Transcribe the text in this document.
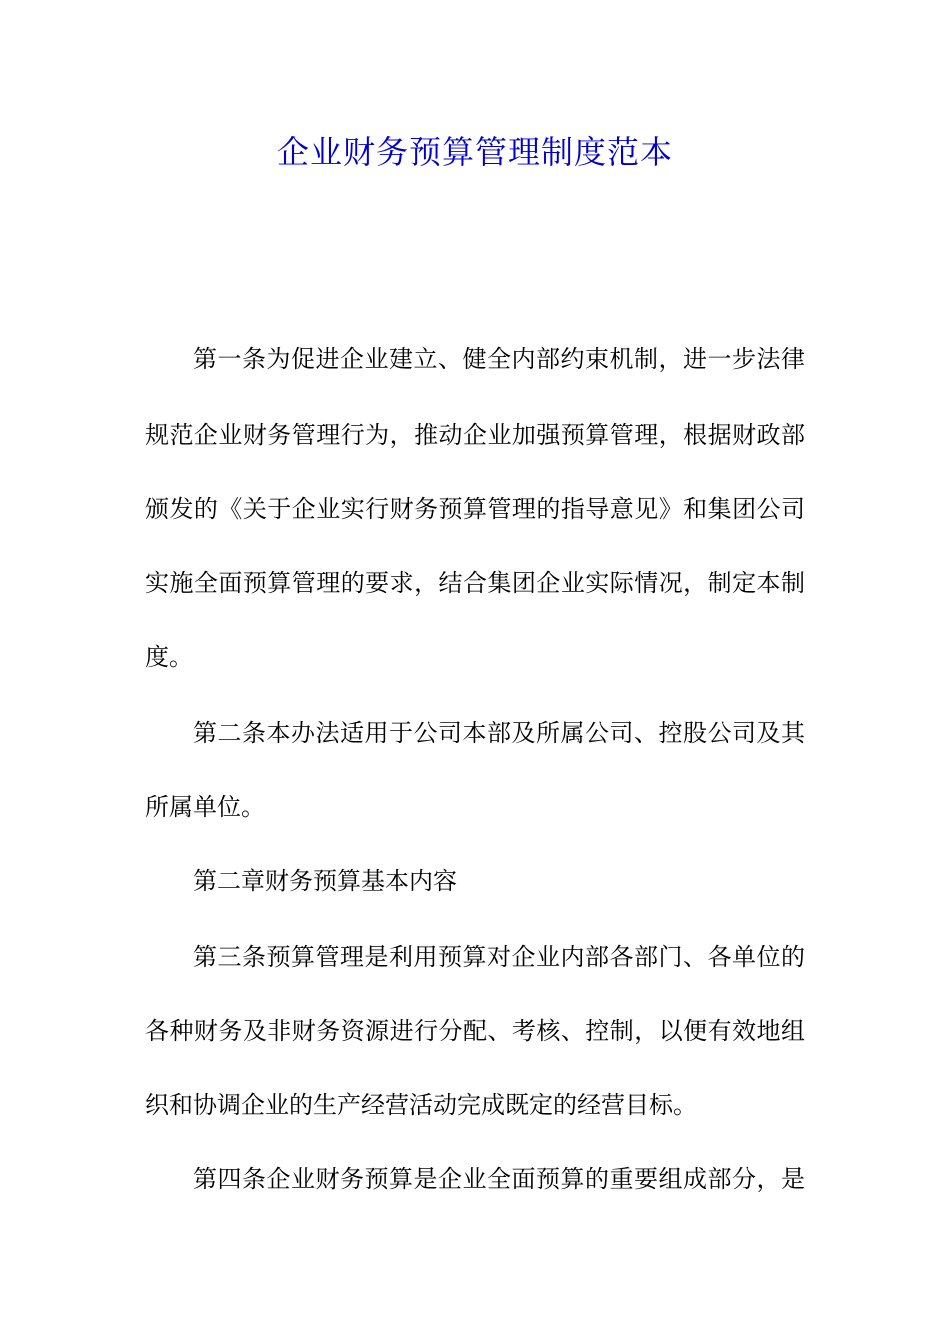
企业财务预算管理制度范本
第一条为促进企业建立、健全内部约束机制，进一步法律
规范企业财务管理行为，推动企业加强预算管理，根据财政部
颁发的《关于企业实行财务预算管理的指导意见》和集团公司
实施全面预算管理的要求，结合集团企业实际情况，制定本制
度。
第二条本办法适用于公司本部及所属公司、控股公司及其
所属单位。
第二章财务预算基本内容
第三条预算管理是利用预算对企业内部各部门、各单位的
各种财务及非财务资源进行分配、考核、控制，以便有效地组
织和协调企业的生产经营活动完成既定的经营目标。
第四条企业财务预算是企业全面预算的重要组成部分，是
